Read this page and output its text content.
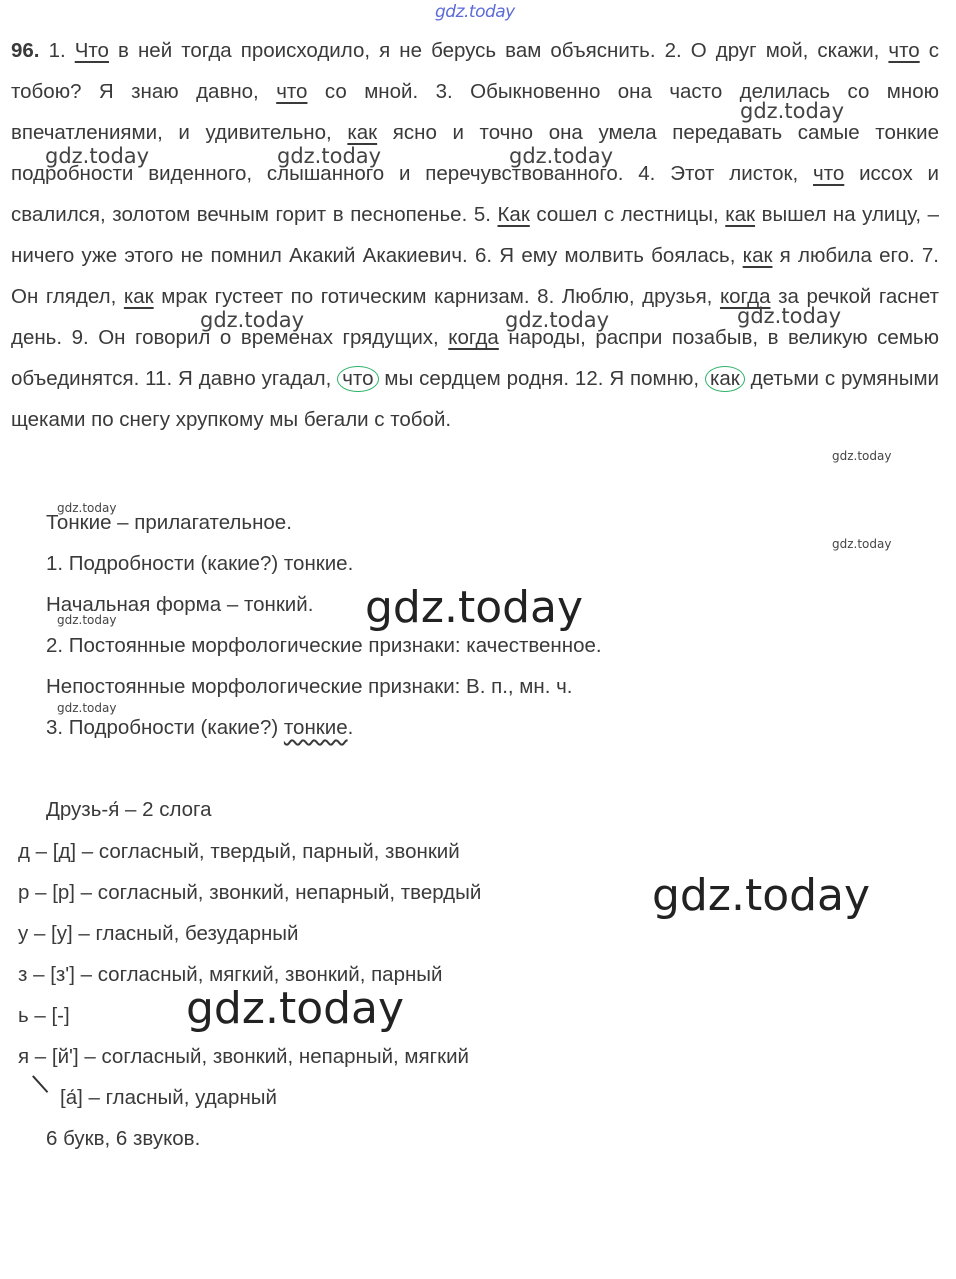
gdz.today
96. 1. Что в ней тогда происходило, я не берусь вам объяснить. 2. О друг мой, скажи, что с тобою? Я знаю давно, что со мной. 3. Обыкновенно она часто делилась со мною впечатлениями, и удивительно, как ясно и точно она умела передавать самые тонкие подробности виденного, слышанного и перечувствованного. 4. Этот листок, что иссох и свалился, золотом вечным горит в песнопенье. 5. Как сошел с лестницы, как вышел на улицу, – ничего уже этого не помнил Акакий Акакиевич. 6. Я ему молвить боялась, как я любила его. 7. Он глядел, как мрак густеет по готическим карнизам. 8. Люблю, друзья, когда за речкой гаснет день. 9. Он говорил о временах грядущих, когда народы, распри позабыв, в великую семью объединятся. 11. Я давно угадал, что мы сердцем родня. 12. Я помню, как детьми с румяными щеками по снегу хрупкому мы бегали с тобой.
gdz.today
gdz.today	gdz.today	gdz.today
gdz.today	gdz.today	gdz.today
gdz.today
gdz.today
gdz.today
gdz.today
gdz.today
Тонкие – прилагательное.
1. Подробности (какие?) тонкие.
Начальная форма – тонкий.
2. Постоянные морфологические признаки: качественное.
Непостоянные морфологические признаки: В. п., мн. ч.
3. Подробности (какие?) тонкие.
gdz.today
Друзь-я́ – 2 слога
д – [д] – согласный, твердый, парный, звонкий
р – [р] – согласный, звонкий, непарный, твердый
у – [у] – гласный, безударный
з – [з'] – согласный, мягкий, звонкий, парный
ь – [-]
я – [й'] – согласный, звонкий, непарный, мягкий
[а́] – гласный, ударный
6 букв, 6 звуков.
gdz.today
gdz.today
